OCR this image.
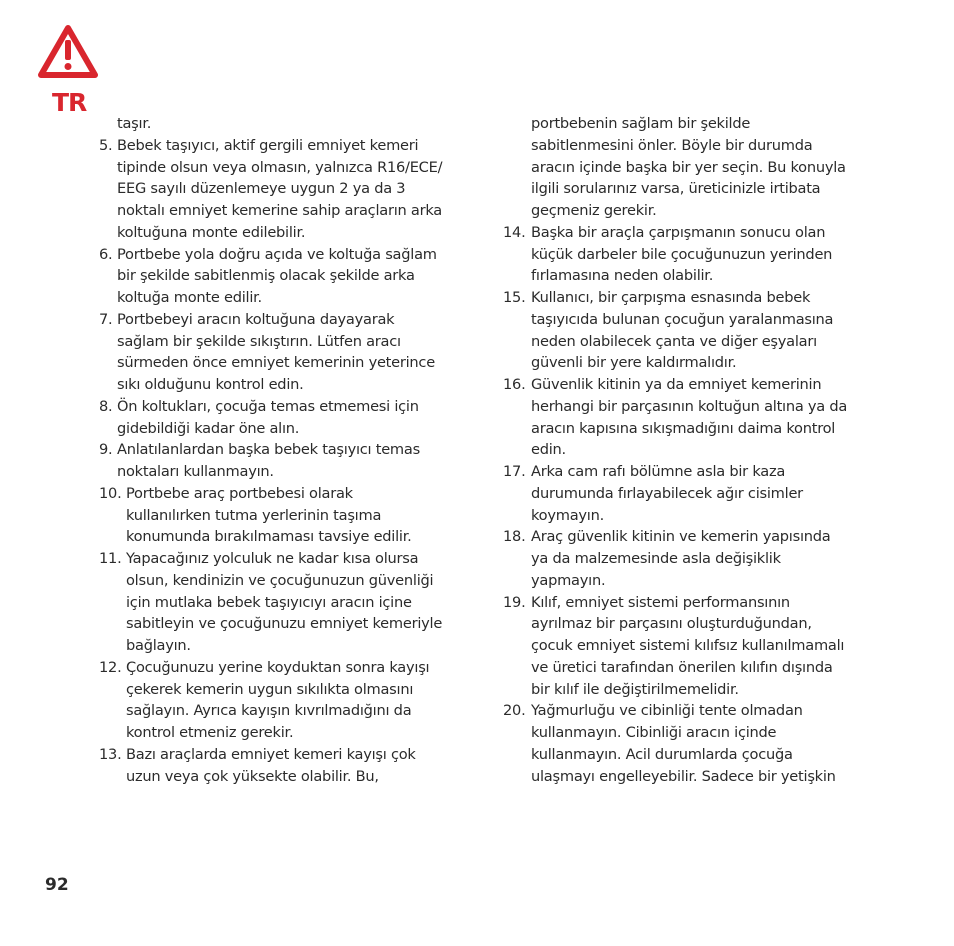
TR

taşır.

5. Bebek taşıyıcı, aktif gergili emniyet kemeri
tipinde olsun veya olmasın, yalnızca R16/ECE/
EEG sayılı düzenlemeye uygun 2 ya da 3
noktalı emniyet kemerine sahip araçların arka
koltuğuna monte edilebilir.
6. Portbebe yola doğru açıda ve koltuğa sağlam
bir şekilde sabitlenmiş olacak şekilde arka
koltuğa monte edilir.
7. Portbebeyi aracın koltuğuna dayayarak
sağlam bir şekilde sıkıştırın. Lütfen aracı
sürmeden önce emniyet kemerinin yeterince
sıkı olduğunu kontrol edin.
8. Ön koltukları, çocuğa temas etmemesi için
gidebildiği kadar öne alın.
9. Anlatılanlardan başka bebek taşıyıcı temas
noktaları kullanmayın.
10. Portbebe araç portbebesi olarak
kullanılırken tutma yerlerinin taşıma
konumunda bırakılmaması tavsiye edilir.
11. Yapacağınız yolculuk ne kadar kısa olursa
olsun, kendinizin ve çocuğunuzun güvenliği
için mutlaka bebek taşıyıcıyı aracın içine
sabitleyin ve çocuğunuzu emniyet kemeriyle
bağlayın.
12. Çocuğunuzu yerine koyduktan sonra kayışı
çekerek kemerin uygun sıkılıkta olmasını
sağlayın. Ayrıca kayışın kıvrılmadığını da
kontrol etmeniz gerekir.
13. Bazı araçlarda emniyet kemeri kayışı çok
uzun veya çok yüksekte olabilir. Bu,

portbebenin sağlam bir şekilde
sabitlenmesini önler. Böyle bir durumda
aracın içinde başka bir yer seçin. Bu konuyla
ilgili sorularınız varsa, üreticinizle irtibata
geçmeniz gerekir.

14. Başka bir araçla çarpışmanın sonucu olan
küçük darbeler bile çocuğunuzun yerinden
fırlamasına neden olabilir.
15. Kullanıcı, bir çarpışma esnasında bebek
taşıyıcıda bulunan çocuğun yaralanmasına
neden olabilecek çanta ve diğer eşyaları
güvenli bir yere kaldırmalıdır.
16. Güvenlik kitinin ya da emniyet kemerinin
herhangi bir parçasının koltuğun altına ya da
aracın kapısına sıkışmadığını daima kontrol
edin.
17. Arka cam rafı bölümne asla bir kaza
durumunda fırlayabilecek ağır cisimler
koymayın.
18. Araç güvenlik kitinin ve kemerin yapısında
ya da malzemesinde asla değişiklik
yapmayın.
19. Kılıf, emniyet sistemi performansının
ayrılmaz bir parçasını oluşturduğundan,
çocuk emniyet sistemi kılıfsız kullanılmamalı
ve üretici tarafından önerilen kılıfın dışında
bir kılıf ile değiştirilmemelidir.
20. Yağmurluğu ve cibinliği tente olmadan
kullanmayın. Cibinliği aracın içinde
kullanmayın. Acil durumlarda çocuğa
ulaşmayı engelleyebilir. Sadece bir yetişkin
92
